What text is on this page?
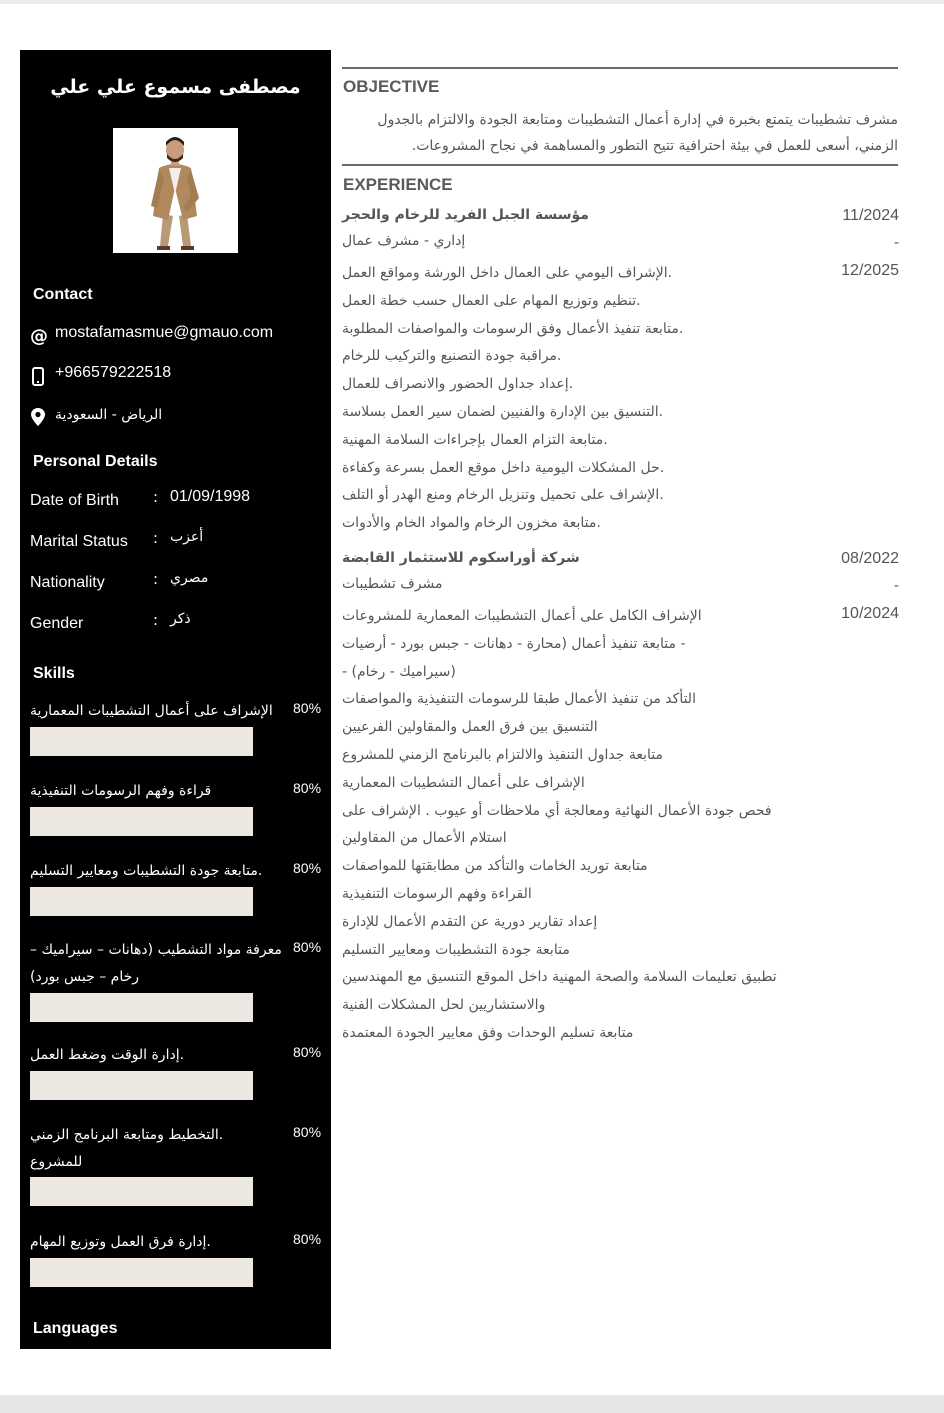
مصطفى مسموع علي علي
Contact
@ mostafamasmue@gmauo.com
+966579222518
الرياض - السعودية
Personal Details
Date of Birth : 01/09/1998
Marital Status : أعزب
Nationality	: مصري
Gender	: ذكر
Skills
الإشراف على أعمال التشطيبات المعمارية	80%
قراءة وفهم الرسومات التنفيذية	80%
.متابعة جودة التشطيبات ومعايير التسليم	80%
معرفة مواد التشطيب (دهانات – سيراميك – رخام – جبس بورد)
80%
.إدارة الوقت وضغط العمل	80%
.التخطيط ومتابعة البرنامج الزمني للمشروع
80%
.إدارة فرق العمل وتوزيع المهام	80%
Languages
OBJECTIVE
مشرف تشطيبات يتمتع بخبرة في إدارة أعمال التشطيبات ومتابعة الجودة والالتزام بالجدول الزمني، أسعى للعمل في بيئة احترافية تتيح التطور والمساهمة في نجاح المشروعات.
EXPERIENCE
مؤسسة الجبل الفريد للرخام والحجر
إداري - مشرف عمال
11/2024
-
12/2025
.الإشراف اليومي على العمال داخل الورشة ومواقع العمل
.تنظيم وتوزيع المهام على العمال حسب خطة العمل
.متابعة تنفيذ الأعمال وفق الرسومات والمواصفات المطلوبة
.مراقبة جودة التصنيع والتركيب للرخام
.إعداد جداول الحضور والانصراف للعمال
.التنسيق بين الإدارة والفنيين لضمان سير العمل بسلاسة
.متابعة التزام العمال بإجراءات السلامة المهنية
.حل المشكلات اليومية داخل موقع العمل بسرعة وكفاءة
.الإشراف على تحميل وتنزيل الرخام ومنع الهدر أو التلف
.متابعة مخزون الرخام والمواد الخام والأدوات
شركة أوراسكوم للاستثمار القابضة
مشرف تشطيبات
08/2022
-
10/2024
الإشراف الكامل على أعمال التشطيبات المعمارية للمشروعات
- متابعة تنفيذ أعمال (محارة - دهانات - جبس بورد - أرضيات (سيراميك - رخام) -
التأكد من تنفيذ الأعمال طبقا للرسومات التنفيذية والمواصفات
التنسيق بين فرق العمل والمقاولين الفرعيين
متابعة جداول التنفيذ والالتزام بالبرنامج الزمني للمشروع
الإشراف على أعمال التشطيبات المعمارية
فحص جودة الأعمال النهائية ومعالجة أي ملاحظات أو عيوب . الإشراف على
استلام الأعمال من المقاولين
متابعة توريد الخامات والتأكد من مطابقتها للمواصفات
القراءة وفهم الرسومات التنفيذية
إعداد تقارير دورية عن التقدم الأعمال للإدارة
متابعة جودة التشطيبات ومعايير التسليم
تطبيق تعليمات السلامة والصحة المهنية داخل الموقع التنسيق مع المهندسين
والاستشاريين لحل المشكلات الفنية
متابعة تسليم الوحدات وفق معايير الجودة المعتمدة
